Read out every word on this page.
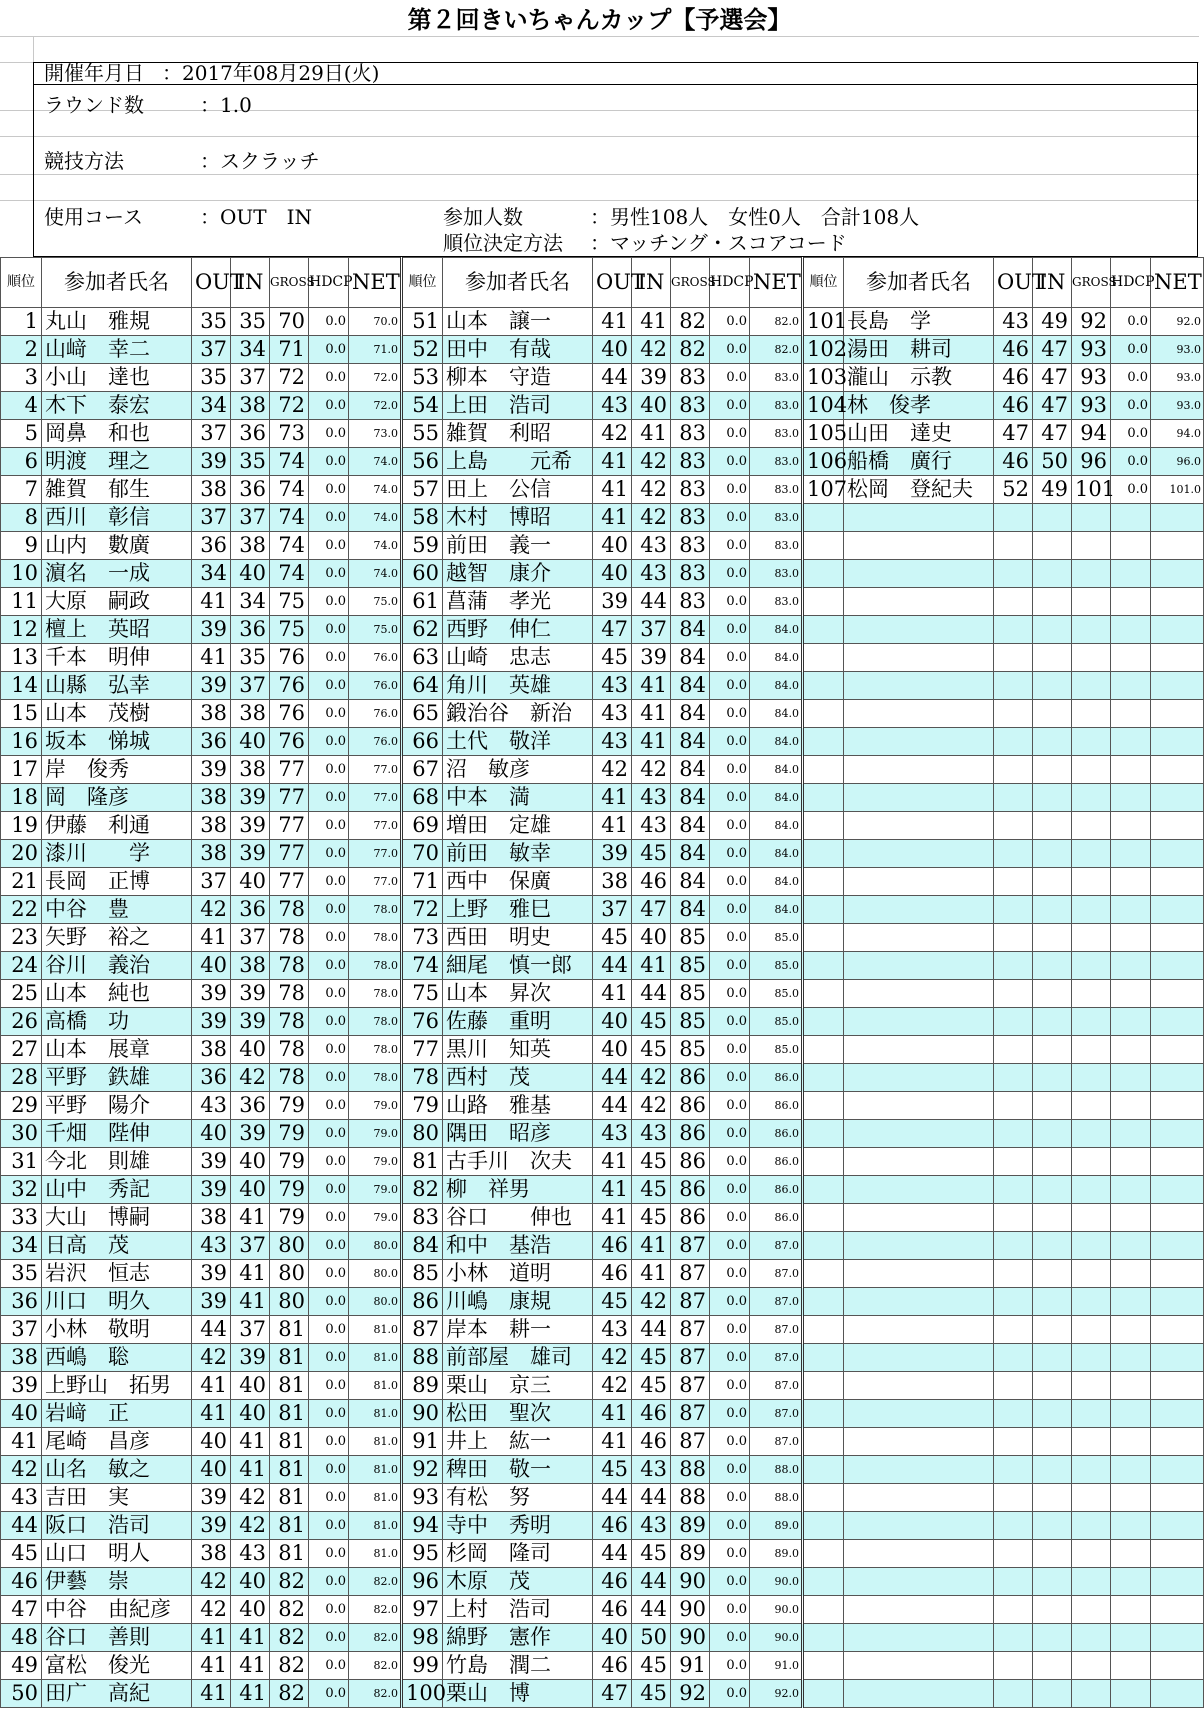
第２回きいちゃんカップ【予選会】
開催年月日 ：2017年08月29日(火)
ラウンド数	：1.0
競技方法	：スクラッチ
使用コース	：OUT　IN	参加人数	：男性108人　女性0人　合計108人
順位決定方法 ：マッチング・スコアコード
順位	参加者氏名	OUT	IN	GROSS	HDCP	NET	順位	参加者氏名	OUT	IN	GROSS	HDCP	NET	順位	参加者氏名	OUT	IN	GROSS	HDCP	NET
1	丸山　雅規	35	35	70	0.0	70.0	51	山本　譲一	41	41	82	0.0	82.0	101	長島　学	43	49	92	0.0	92.0
2	山﨑　幸二	37	34	71	0.0	71.0	52	田中　有哉	40	42	82	0.0	82.0	102	湯田　耕司	46	47	93	0.0	93.0
3	小山　達也	35	37	72	0.0	72.0	53	柳本　守造	44	39	83	0.0	83.0	103	瀧山　示教	46	47	93	0.0	93.0
4	木下　泰宏	34	38	72	0.0	72.0	54	上田　浩司	43	40	83	0.0	83.0	104	林　俊孝	46	47	93	0.0	93.0
5	岡鼻　和也	37	36	73	0.0	73.0	55	雑賀　利昭	42	41	83	0.0	83.0	105	山田　達史	47	47	94	0.0	94.0
6	明渡　理之	39	35	74	0.0	74.0	56	上島　　元希	41	42	83	0.0	83.0	106	船橋　廣行	46	50	96	0.0	96.0
7	雑賀　郁生	38	36	74	0.0	74.0	57	田上　公信	41	42	83	0.0	83.0	107	松岡　登紀夫	52	49	101	0.0	101.0
8	西川　彰信	37	37	74	0.0	74.0	58	木村　博昭	41	42	83	0.0	83.0							
9	山内　數廣	36	38	74	0.0	74.0	59	前田　義一	40	43	83	0.0	83.0							
10	濵名　一成	34	40	74	0.0	74.0	60	越智　康介	40	43	83	0.0	83.0							
11	大原　嗣政	41	34	75	0.0	75.0	61	菖蒲　孝光	39	44	83	0.0	83.0							
12	檀上　英昭	39	36	75	0.0	75.0	62	西野　伸仁	47	37	84	0.0	84.0							
13	千本　明伸	41	35	76	0.0	76.0	63	山崎　忠志	45	39	84	0.0	84.0							
14	山縣　弘幸	39	37	76	0.0	76.0	64	角川　英雄	43	41	84	0.0	84.0							
15	山本　茂樹	38	38	76	0.0	76.0	65	鍛治谷　新治	43	41	84	0.0	84.0							
16	坂本　悌城	36	40	76	0.0	76.0	66	土代　敬洋	43	41	84	0.0	84.0							
17	岸　俊秀	39	38	77	0.0	77.0	67	沼　敏彦	42	42	84	0.0	84.0							
18	岡　隆彦	38	39	77	0.0	77.0	68	中本　満	41	43	84	0.0	84.0							
19	伊藤　利通	38	39	77	0.0	77.0	69	増田　定雄	41	43	84	0.0	84.0							
20	漆川　　学	38	39	77	0.0	77.0	70	前田　敏幸	39	45	84	0.0	84.0							
21	長岡　正博	37	40	77	0.0	77.0	71	西中　保廣	38	46	84	0.0	84.0							
22	中谷　豊	42	36	78	0.0	78.0	72	上野　雅巳	37	47	84	0.0	84.0							
23	矢野　裕之	41	37	78	0.0	78.0	73	西田　明史	45	40	85	0.0	85.0							
24	谷川　義治	40	38	78	0.0	78.0	74	細尾　慎一郎	44	41	85	0.0	85.0							
25	山本　純也	39	39	78	0.0	78.0	75	山本　昇次	41	44	85	0.0	85.0							
26	高橋　功	39	39	78	0.0	78.0	76	佐藤　重明	40	45	85	0.0	85.0							
27	山本　展章	38	40	78	0.0	78.0	77	黒川　知英	40	45	85	0.0	85.0							
28	平野　鉄雄	36	42	78	0.0	78.0	78	西村　茂	44	42	86	0.0	86.0							
29	平野　陽介	43	36	79	0.0	79.0	79	山路　雅基	44	42	86	0.0	86.0							
30	千畑　陛伸	40	39	79	0.0	79.0	80	隅田　昭彦	43	43	86	0.0	86.0							
31	今北　則雄	39	40	79	0.0	79.0	81	古手川　次夫	41	45	86	0.0	86.0							
32	山中　秀記	39	40	79	0.0	79.0	82	柳　祥男	41	45	86	0.0	86.0							
33	大山　博嗣	38	41	79	0.0	79.0	83	谷口　　伸也	41	45	86	0.0	86.0							
34	日高　茂	43	37	80	0.0	80.0	84	和中　基浩	46	41	87	0.0	87.0							
35	岩沢　恒志	39	41	80	0.0	80.0	85	小林　道明	46	41	87	0.0	87.0							
36	川口　明久	39	41	80	0.0	80.0	86	川嶋　康規	45	42	87	0.0	87.0							
37	小林　敬明	44	37	81	0.0	81.0	87	岸本　耕一	43	44	87	0.0	87.0							
38	西嶋　聡	42	39	81	0.0	81.0	88	前部屋　雄司	42	45	87	0.0	87.0							
39	上野山　拓男	41	40	81	0.0	81.0	89	栗山　京三	42	45	87	0.0	87.0							
40	岩﨑　正	41	40	81	0.0	81.0	90	松田　聖次	41	46	87	0.0	87.0							
41	尾崎　昌彦	40	41	81	0.0	81.0	91	井上　紘一	41	46	87	0.0	87.0							
42	山名　敏之	40	41	81	0.0	81.0	92	稗田　敬一	45	43	88	0.0	88.0							
43	吉田　実	39	42	81	0.0	81.0	93	有松　努	44	44	88	0.0	88.0							
44	阪口　浩司	39	42	81	0.0	81.0	94	寺中　秀明	46	43	89	0.0	89.0							
45	山口　明人	38	43	81	0.0	81.0	95	杉岡　隆司	44	45	89	0.0	89.0							
46	伊藝　崇	42	40	82	0.0	82.0	96	木原　茂	46	44	90	0.0	90.0							
47	中谷　由紀彦	42	40	82	0.0	82.0	97	上村　浩司	46	44	90	0.0	90.0							
48	谷口　善則	41	41	82	0.0	82.0	98	綿野　憲作	40	50	90	0.0	90.0							
49	富松　俊光	41	41	82	0.0	82.0	99	竹島　潤二	46	45	91	0.0	91.0							
50	田广　高紀	41	41	82	0.0	82.0	100	栗山　博	47	45	92	0.0	92.0							
